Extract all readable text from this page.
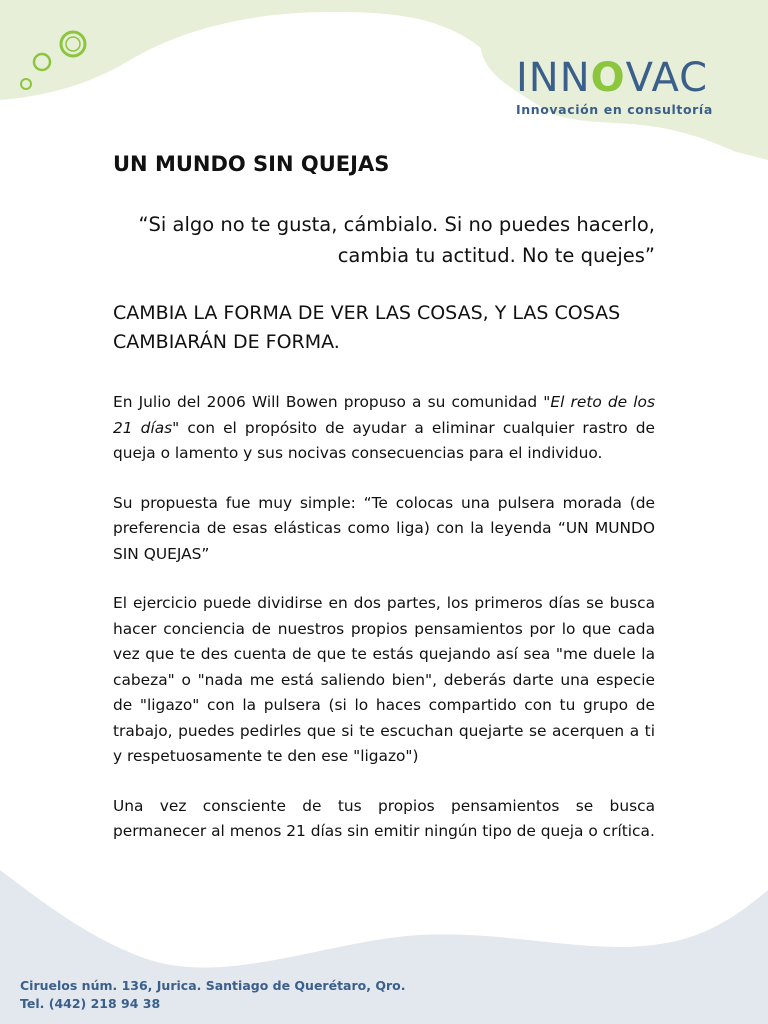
INNOVAC
Innovación en consultoría
UN MUNDO SIN QUEJAS
“Si algo no te gusta, cámbialo. Si no puedes hacerlo,
cambia tu actitud. No te quejes”
CAMBIA LA FORMA DE VER LAS COSAS, Y LAS COSAS CAMBIARÁN DE FORMA.

En Julio del 2006 Will Bowen propuso a su comunidad "El reto de los 21 días" con el propósito de ayudar a eliminar cualquier rastro de queja o lamento y sus nocivas consecuencias para el individuo.

Su propuesta fue muy simple: “Te colocas una pulsera morada (de preferencia de esas elásticas como liga) con la leyenda “UN MUNDO SIN QUEJAS”

El ejercicio puede dividirse en dos partes, los primeros días se busca hacer conciencia de nuestros propios pensamientos por lo que cada vez que te des cuenta de que te estás quejando así sea "me duele la cabeza" o "nada me está saliendo bien", deberás darte una especie de "ligazo" con la pulsera (si lo haces compartido con tu grupo de trabajo, puedes pedirles que si te escuchan quejarte se acerquen a ti y respetuosamente te den ese "ligazo")

Una vez consciente de tus propios pensamientos se busca permanecer al menos 21 días sin emitir ningún tipo de queja o crítica.

Ciruelos núm. 136, Jurica. Santiago de Querétaro, Qro.
Tel. (442) 218 94 38
